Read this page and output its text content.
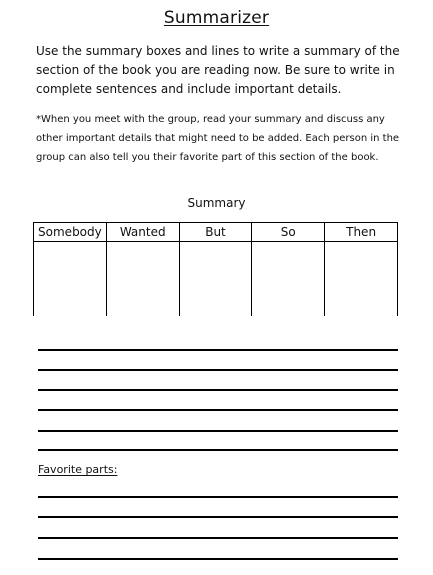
Summarizer

Use the summary boxes and lines to write a summary of the section of the book you are reading now. Be sure to write in complete sentences and include important details.

*When you meet with the group, read your summary and discuss any other important details that might need to be added. Each person in the group can also tell you their favorite part of this section of the book.

Summary
Somebody	Wanted	But	So	Then

Favorite parts:
